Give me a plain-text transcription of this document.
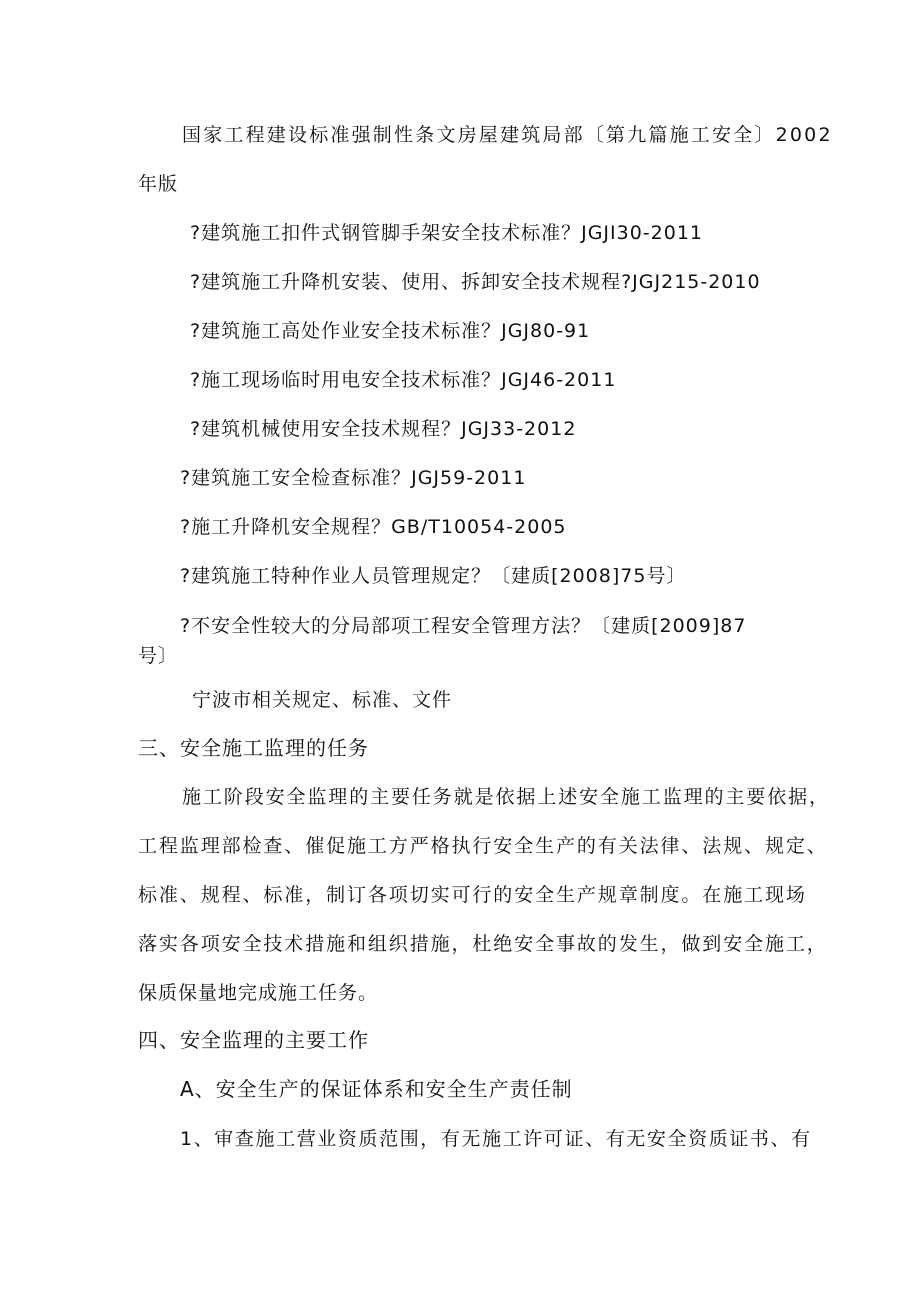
国家工程建设标准强制性条文房屋建筑局部〔第九篇施工安全〕2002
年版
?建筑施工扣件式钢管脚手架安全技术标准？JGJI30-2011
?建筑施工升降机安装、使用、拆卸安全技术规程?JGJ215-2010
?建筑施工高处作业安全技术标准？JGJ80-91
?施工现场临时用电安全技术标准？JGJ46-2011
?建筑机械使用安全技术规程？JGJ33-2012
?建筑施工安全检查标准？JGJ59-2011
?施工升降机安全规程？GB/T10054-2005
?建筑施工特种作业人员管理规定？〔建质[2008]75号〕
?不安全性较大的分局部项工程安全管理方法？〔建质[2009]87
号〕
宁波市相关规定、标准、文件
三、安全施工监理的任务
施工阶段安全监理的主要任务就是依据上述安全施工监理的主要依据，
工程监理部检查、催促施工方严格执行安全生产的有关法律、法规、规定、
标准、规程、标准，制订各项切实可行的安全生产规章制度。在施工现场
落实各项安全技术措施和组织措施，杜绝安全事故的发生，做到安全施工，
保质保量地完成施工任务。
四、安全监理的主要工作
A、安全生产的保证体系和安全生产责任制
1、审查施工营业资质范围，有无施工许可证、有无安全资质证书、有
